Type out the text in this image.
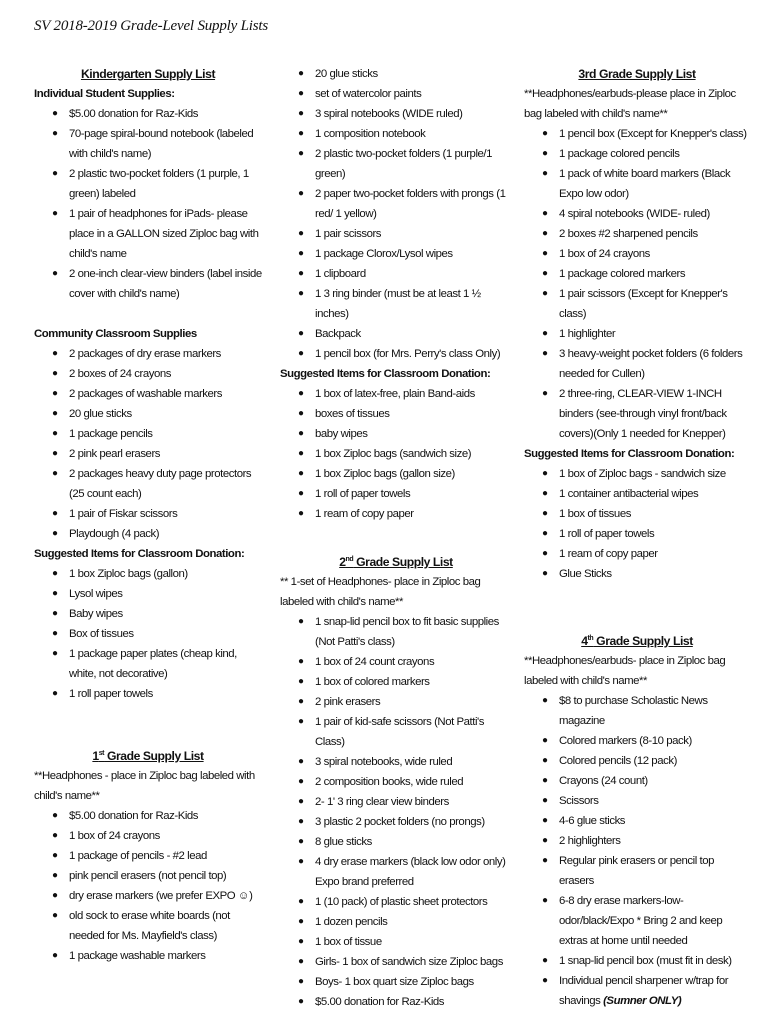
SV 2018-2019 Grade-Level Supply Lists
Kindergarten Supply List
Individual Student Supplies:
● $5.00 donation for Raz-Kids
● 70-page spiral-bound notebook (labeled with child's name)
● 2 plastic two-pocket folders (1 purple, 1 green) labeled
● 1 pair of headphones for iPads- please place in a GALLON sized Ziploc bag with child's name
● 2 one-inch clear-view binders (label inside cover with child's name)
Community Classroom Supplies
● 2 packages of dry erase markers
● 2 boxes of 24 crayons
● 2 packages of washable markers
● 20 glue sticks
● 1 package pencils
● 2 pink pearl erasers
● 2 packages heavy duty page protectors (25 count each)
● 1 pair of Fiskar scissors
● Playdough (4 pack)
Suggested Items for Classroom Donation:
● 1 box Ziploc bags (gallon)
● Lysol wipes
● Baby wipes
● Box of tissues
● 1 package paper plates (cheap kind, white, not decorative)
● 1 roll paper towels
1st Grade Supply List
**Headphones - place in Ziploc bag labeled with child's name**
● $5.00 donation for Raz-Kids
● 1 box of 24 crayons
● 1 package of pencils - #2 lead
● pink pencil erasers (not pencil top)
● dry erase markers (we prefer EXPO ☺)
● old sock to erase white boards (not needed for Ms. Mayfield's class)
● 1 package washable markers
● 20 glue sticks
● set of watercolor paints
● 3 spiral notebooks (WIDE ruled)
● 1 composition notebook
● 2 plastic two-pocket folders (1 purple/1 green)
● 2 paper two-pocket folders with prongs (1 red/ 1 yellow)
● 1 pair scissors
● 1 package Clorox/Lysol wipes
● 1 clipboard
● 1 3 ring binder (must be at least 1 ½ inches)
● Backpack
● 1 pencil box (for Mrs. Perry's class Only)
Suggested Items for Classroom Donation:
● 1 box of latex-free, plain Band-aids
● boxes of tissues
● baby wipes
● 1 box Ziploc bags (sandwich size)
● 1 box Ziploc bags (gallon size)
● 1 roll of paper towels
● 1 ream of copy paper
2nd Grade Supply List
** 1-set of Headphones- place in Ziploc bag labeled with child's name**
● 1 snap-lid pencil box to fit basic supplies (Not Patti's class)
● 1 box of 24 count crayons
● 1 box of colored markers
● 2 pink erasers
● 1 pair of kid-safe scissors (Not Patti's Class)
● 3 spiral notebooks, wide ruled
● 2 composition books, wide ruled
● 2- 1' 3 ring clear view binders
● 3 plastic 2 pocket folders (no prongs)
● 8 glue sticks
● 4 dry erase markers (black low odor only) Expo brand preferred
● 1 (10 pack) of plastic sheet protectors
● 1 dozen pencils
● 1 box of tissue
● Girls- 1 box of sandwich size Ziploc bags
● Boys- 1 box quart size Ziploc bags
● $5.00 donation for Raz-Kids
3rd Grade Supply List
**Headphones/earbuds-please place in Ziploc bag labeled with child's name**
● 1 pencil box (Except for Knepper's class)
● 1 package colored pencils
● 1 pack of white board markers (Black Expo low odor)
● 4 spiral notebooks (WIDE- ruled)
● 2 boxes #2 sharpened pencils
● 1 box of 24 crayons
● 1 package colored markers
● 1 pair scissors (Except for Knepper's class)
● 1 highlighter
● 3 heavy-weight pocket folders (6 folders needed for Cullen)
● 2 three-ring, CLEAR-VIEW 1-INCH binders (see-through vinyl front/back covers)(Only 1 needed for Knepper)
Suggested Items for Classroom Donation:
● 1 box of Ziploc bags - sandwich size
● 1 container antibacterial wipes
● 1 box of tissues
● 1 roll of paper towels
● 1 ream of copy paper
● Glue Sticks
4th Grade Supply List
**Headphones/earbuds- place in Ziploc bag labeled with child's name**
● $8 to purchase Scholastic News magazine
● Colored markers (8-10 pack)
● Colored pencils (12 pack)
● Crayons (24 count)
● Scissors
● 4-6 glue sticks
● 2 highlighters
● Regular pink erasers or pencil top erasers
● 6-8 dry erase markers-low-odor/black/Expo * Bring 2 and keep extras at home until needed
● 1 snap-lid pencil box (must fit in desk)
● Individual pencil sharpener w/trap for shavings (Sumner ONLY)
